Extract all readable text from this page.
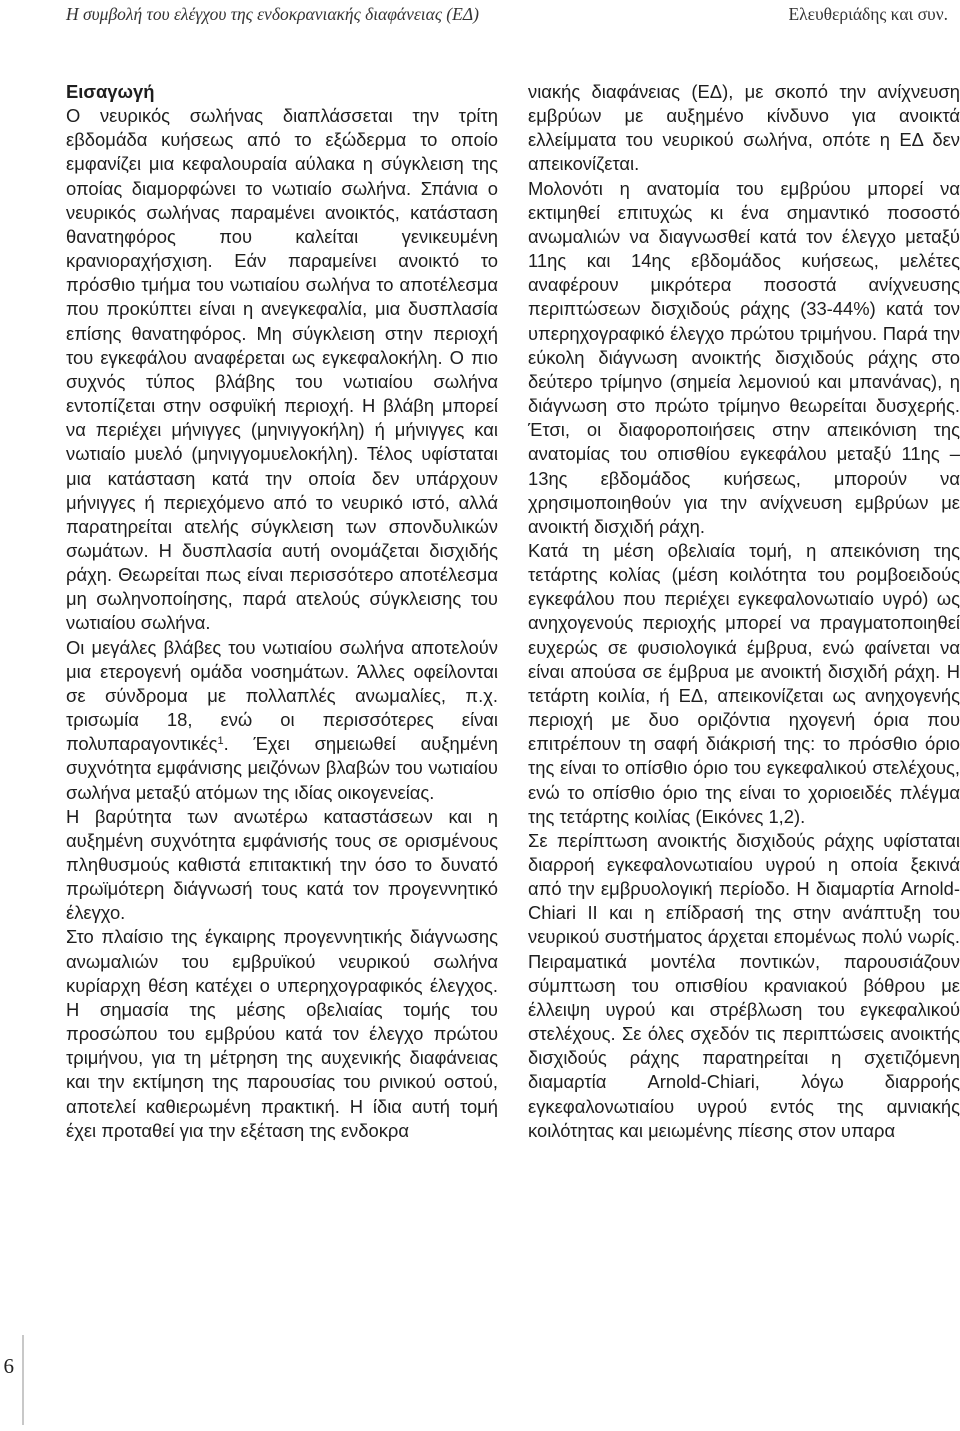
Η συμβολή του ελέγχου της ενδοκρανιακής διαφάνειας (ΕΔ)	Ελευθεριάδης και συν.

Εισαγωγή

Ο νευρικός σωλήνας διαπλάσσεται την τρίτη εβδομάδα κυήσεως από το εξώδερμα το οποίο εμφανίζει μια κεφαλουραία αύλακα η σύγκλειση της οποίας διαμορφώνει το νωτιαίο σωλήνα. Σπάνια ο νευρικός σωλήνας παραμένει ανοικτός, κατάσταση θανατηφόρος που καλείται γενικευμένη κρανιοραχήσχιση. Εάν παραμείνει ανοικτό το πρόσθιο τμήμα του νωτιαίου σωλήνα το αποτέλεσμα που προκύπτει είναι η ανεγκεφαλία, μια δυσπλασία επίσης θανατηφόρος. Μη σύγκλειση στην περιοχή του εγκεφάλου αναφέρεται ως εγκεφαλοκήλη. Ο πιο συχνός τύπος βλάβης του νωτιαίου σωλήνα εντοπίζεται στην οσφυϊκή περιοχή. Η βλάβη μπορεί να περιέχει μήνιγγες (μηνιγγοκήλη) ή μήνιγγες και νωτιαίο μυελό (μηνιγγομυελοκήλη). Τέλος υφίσταται μια κατάσταση κατά την οποία δεν υπάρχουν μήνιγγες ή περιεχόμενο από το νευρικό ιστό, αλλά παρατηρείται ατελής σύγκλειση των σπονδυλικών σωμάτων. Η δυσπλασία αυτή ονομάζεται δισχιδής ράχη. Θεωρείται πως είναι περισσότερο αποτέλεσμα μη σωληνοποίησης, παρά ατελούς σύγκλεισης του νωτιαίου σωλήνα.

Οι μεγάλες βλάβες του νωτιαίου σωλήνα αποτελούν μια ετερογενή ομάδα νοσημάτων. Άλλες οφείλονται σε σύνδρομα με πολλαπλές ανωμαλίες, π.χ. τρισωμία 18, ενώ οι περισσότερες είναι πολυπαραγοντικές$^1$. Έχει σημειωθεί αυξημένη συχνότητα εμφάνισης μειζόνων βλαβών του νωτιαίου σωλήνα μεταξύ ατόμων της ιδίας οικογενείας.

Η βαρύτητα των ανωτέρω καταστάσεων και η αυξημένη συχνότητα εμφάνισής τους σε ορισμένους πληθυσμούς καθιστά επιτακτική την όσο το δυνατό πρωϊμότερη διάγνωσή τους κατά τον προγεννητικό έλεγχο.

Στο πλαίσιο της έγκαιρης προγεννητικής διάγνωσης ανωμαλιών του εμβρυϊκού νευρικού σωλήνα κυρίαρχη θέση κατέχει ο υπερηχογραφικός έλεγχος. Η σημασία της μέσης οβελιαίας τομής του προσώπου του εμβρύου κατά τον έλεγχο πρώτου τριμήνου, για τη μέτρηση της αυχενικής διαφάνειας και την εκτίμηση της παρουσίας του ρινικού οστού, αποτελεί καθιερωμένη πρακτική. Η ίδια αυτή τομή έχει προταθεί για την εξέταση της ενδοκρα

νιακής διαφάνειας (ΕΔ), με σκοπό την ανίχνευση εμβρύων με αυξημένο κίνδυνο για ανοικτά ελλείμματα του νευρικού σωλήνα, οπότε η ΕΔ δεν απεικονίζεται.

Μολονότι η ανατομία του εμβρύου μπορεί να εκτιμηθεί επιτυχώς κι ένα σημαντικό ποσοστό ανωμαλιών να διαγνωσθεί κατά τον έλεγχο μεταξύ 11ης και 14ης εβδομάδος κυήσεως, μελέτες αναφέρουν μικρότερα ποσοστά ανίχνευσης περιπτώσεων δισχιδούς ράχης (33-44%) κατά τον υπερηχογραφικό έλεγχο πρώτου τριμήνου. Παρά την εύκολη διάγνωση ανοικτής δισχιδούς ράχης στο δεύτερο τρίμηνο (σημεία λεμονιού και μπανάνας), η διάγνωση στο πρώτο τρίμηνο θεωρείται δυσχερής. Έτσι, οι διαφοροποιήσεις στην απεικόνιση της ανατομίας του οπισθίου εγκεφάλου μεταξύ 11ης – 13ης εβδομάδος κυήσεως, μπορούν να χρησιμοποιηθούν για την ανίχνευση εμβρύων με ανοικτή δισχιδή ράχη.

Κατά τη μέση οβελιαία τομή, η απεικόνιση της τετάρτης κολίας (μέση κοιλότητα του ρομβοειδούς εγκεφάλου που περιέχει εγκεφαλονωτιαίο υγρό) ως ανηχογενούς περιοχής μπορεί να πραγματοποιηθεί ευχερώς σε φυσιολογικά έμβρυα, ενώ φαίνεται να είναι απούσα σε έμβρυα με ανοικτή δισχιδή ράχη. Η τετάρτη κοιλία, ή ΕΔ, απεικονίζεται ως ανηχογενής περιοχή με δυο οριζόντια ηχογενή όρια που επιτρέπουν τη σαφή διάκρισή της: το πρόσθιο όριο της είναι το οπίσθιο όριο του εγκεφαλικού στελέχους, ενώ το οπίσθιο όριο της είναι το χοριοειδές πλέγμα της τετάρτης κοιλίας (Εικόνες 1,2).

Σε περίπτωση ανοικτής δισχιδούς ράχης υφίσταται διαρροή εγκεφαλονωτιαίου υγρού η οποία ξεκινά από την εμβρυολογική περίοδο. Η διαμαρτία Arnold-Chiari II και η επίδρασή της στην ανάπτυξη του νευρικού συστήματος άρχεται επομένως πολύ νωρίς. Πειραματικά μοντέλα ποντικών, παρουσιάζουν σύμπτωση του οπισθίου κρανιακού βόθρου με έλλειψη υγρού και στρέβλωση του εγκεφαλικού στελέχους. Σε όλες σχεδόν τις περιπτώσεις ανοικτής δισχιδούς ράχης παρατηρείται η σχετιζόμενη διαμαρτία Arnold-Chiari, λόγω διαρροής εγκεφαλονωτιαίου υγρού εντός της αμνιακής κοιλότητας και μειωμένης πίεσης στον υπαρα

6
